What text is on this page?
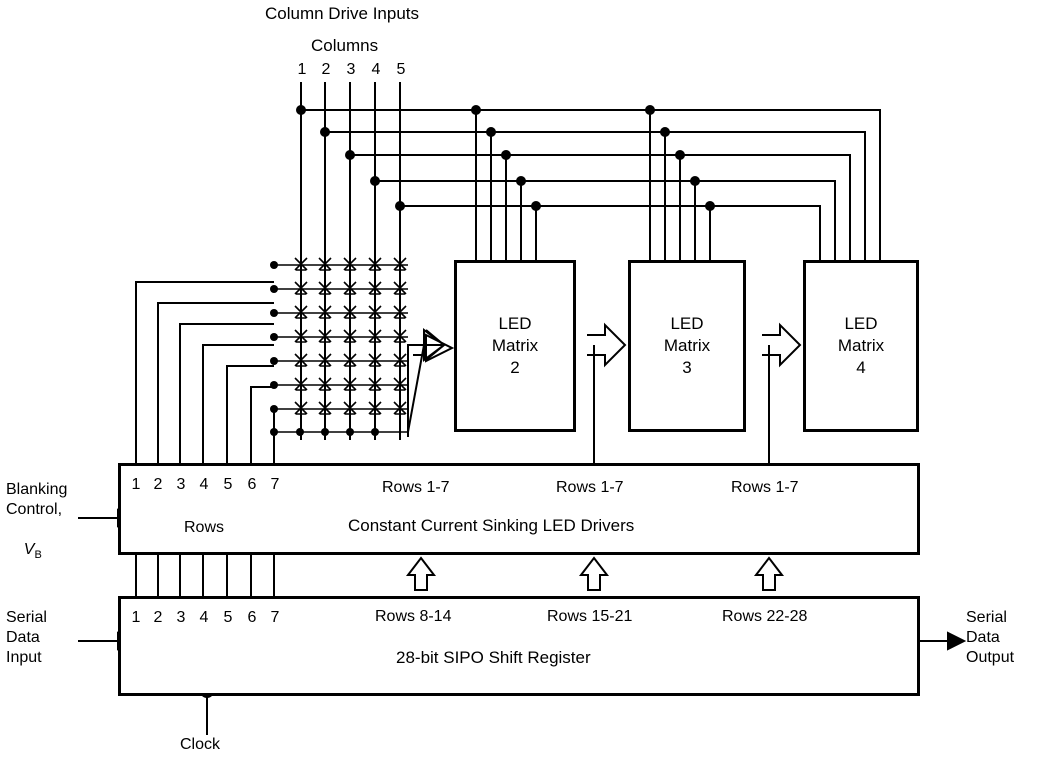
LED
Matrix
2
LED
Matrix
3
LED
Matrix
4
Column Drive Inputs
Columns
1 2 3 4 5
1 2 3 4 5 6 7
Rows	Constant Current Sinking LED Drivers
Rows 1-7	Rows 1-7	Rows 1-7
1 2 3 4 5 6 7	Rows 8-14	Rows 15-21	Rows 22-28
28-bit SIPO Shift Register
Blanking
Control,

$V_B$

Serial
Data
Input
Serial
Data
Output
Clock
